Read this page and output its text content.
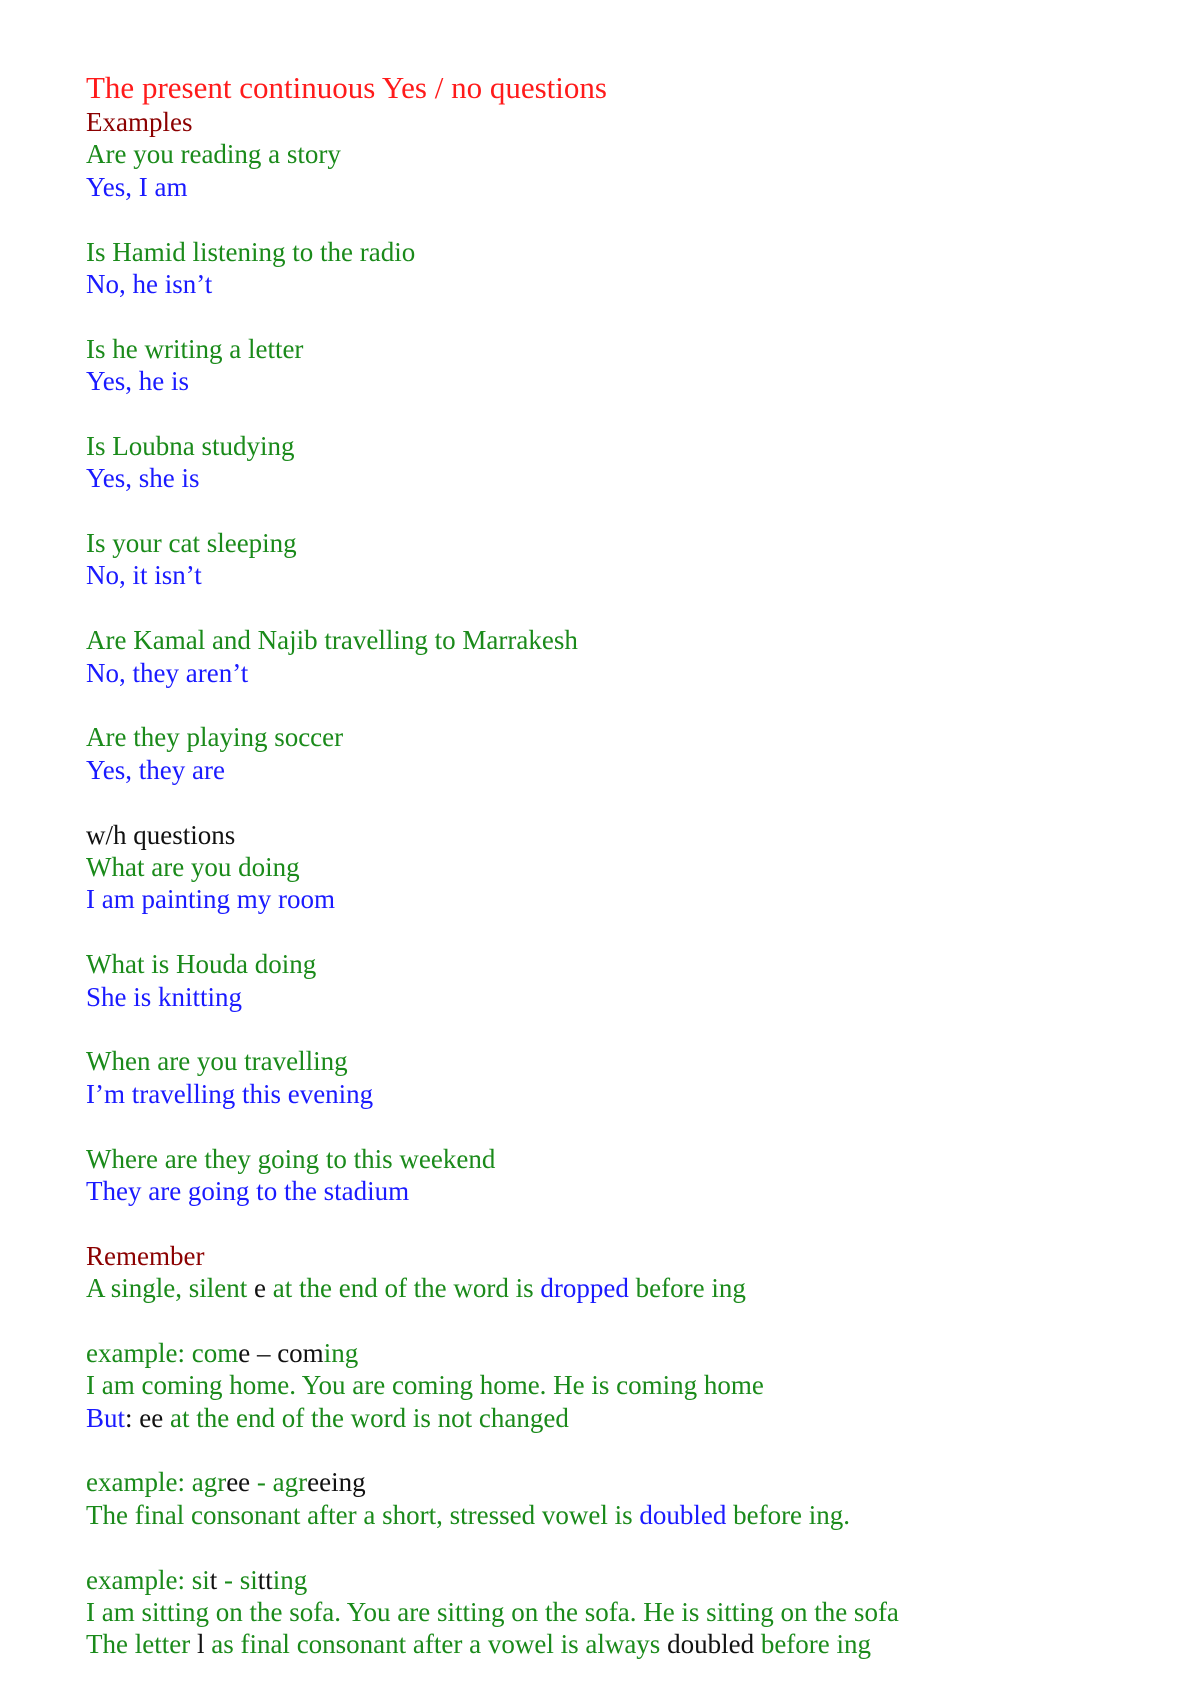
The present continuous Yes / no questions
Examples
Are you reading a story
Yes, I am
Is Hamid listening to the radio
No, he isn’t
Is he writing a letter
Yes, he is
Is Loubna studying
Yes, she is
Is your cat sleeping
No, it isn’t
Are Kamal and Najib travelling to Marrakesh
No, they aren’t
Are they playing soccer
Yes, they are
w/h questions
What are you doing
I am painting my room
What is Houda doing
She is knitting
When are you travelling
I’m travelling this evening
Where are they going to this weekend
They are going to the stadium
Remember
A single, silent e at the end of the word is dropped before ing
example: come – coming
I am coming home. You are coming home. He is coming home
But: ee at the end of the word is not changed
example: agree - agreeing
The final consonant after a short, stressed vowel is doubled before ing.
example: sit - sitting
I am sitting on the sofa. You are sitting on the sofa. He is sitting on the sofa
The letter l as final consonant after a vowel is always doubled before ing
